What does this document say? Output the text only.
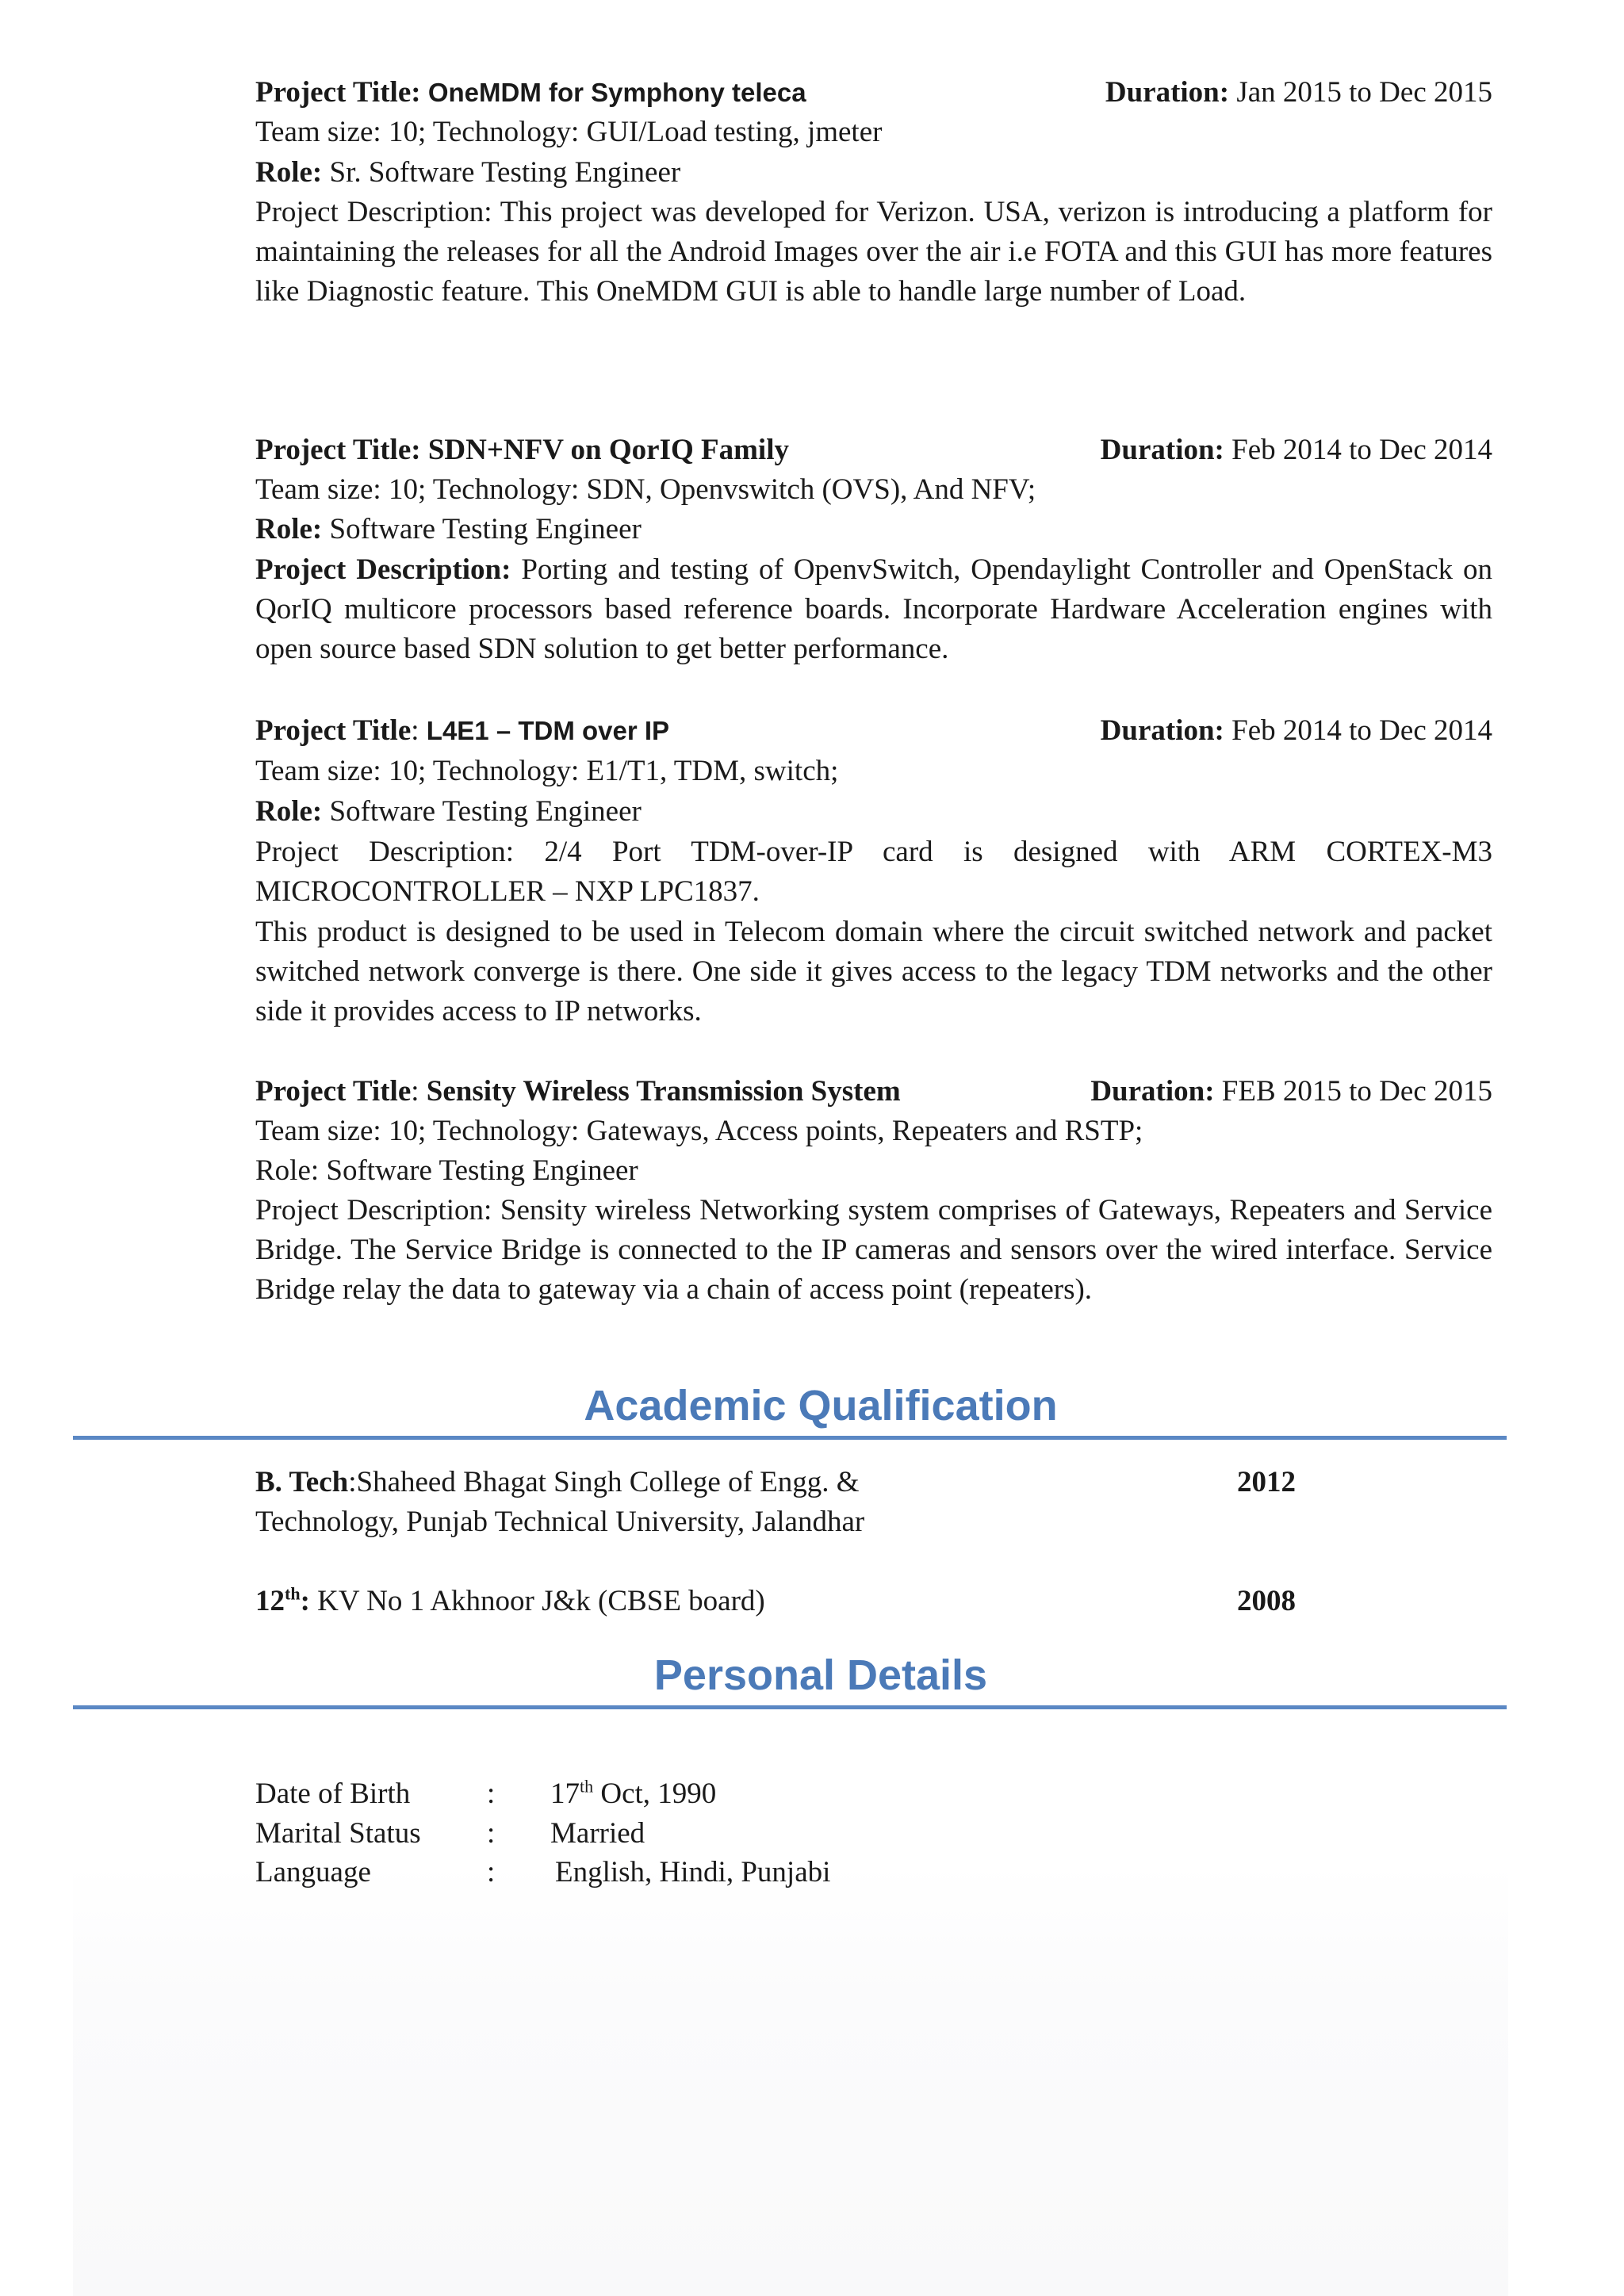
Project Title: OneMDM for Symphony teleca	Duration: Jan 2015 to Dec 2015
Team size: 10; Technology: GUI/Load testing, jmeter
Role: Sr. Software Testing Engineer
Project Description: This project was developed for Verizon. USA, verizon is introducing a platform for maintaining the releases for all the Android Images over the air i.e FOTA and this GUI has more features like Diagnostic feature. This OneMDM GUI is able to handle large number of Load.
Project Title: SDN+NFV on QorIQ Family	Duration: Feb 2014 to Dec 2014
Team size: 10; Technology: SDN, Openvswitch (OVS), And NFV;
Role: Software Testing Engineer
Project Description: Porting and testing of OpenvSwitch, Opendaylight Controller and OpenStack on QorIQ multicore processors based reference boards. Incorporate Hardware Acceleration engines with open source based SDN solution to get better performance.
Project Title: L4E1 – TDM over IP	Duration: Feb 2014 to Dec 2014
Team size: 10; Technology: E1/T1, TDM, switch;
Role: Software Testing Engineer
Project Description: 2/4 Port TDM-over-IP card is designed with ARM CORTEX-M3 MICROCONTROLLER – NXP LPC1837.
This product is designed to be used in Telecom domain where the circuit switched network and packet switched network converge is there. One side it gives access to the legacy TDM networks and the other side it provides access to IP networks.
Project Title: Sensity Wireless Transmission System	Duration: FEB 2015 to Dec 2015
Team size: 10; Technology: Gateways, Access points, Repeaters and RSTP;
Role: Software Testing Engineer
Project Description: Sensity wireless Networking system comprises of Gateways, Repeaters and Service Bridge. The Service Bridge is connected to the IP cameras and sensors over the wired interface. Service Bridge relay the data to gateway via a chain of access point (repeaters).
Academic Qualification
B. Tech:Shaheed Bhagat Singh College of Engg. &
Technology, Punjab Technical University, Jalandhar
2012
12th: KV No 1 Akhnoor J&k (CBSE board)	2008
Personal Details
Date of Birth	: 17th Oct, 1990
Marital Status : Married
Language	: English, Hindi, Punjabi
